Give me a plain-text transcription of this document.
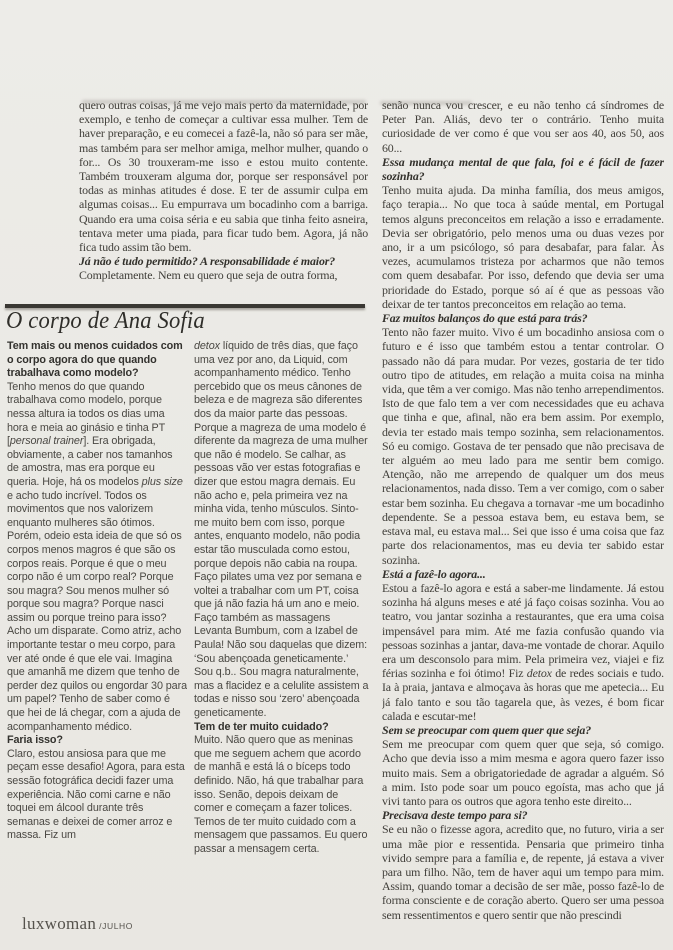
quero outras coisas, já me vejo mais perto da maternidade, por exemplo, e tenho de começar a cultivar essa mulher. Tem de haver preparação, e eu comecei a fazê-la, não só para ser mãe, mas também para ser melhor amiga, melhor mulher, quando o for... Os 30 trouxeram-me isso e estou muito contente. Também trouxeram alguma dor, porque ser responsável por todas as minhas atitudes é dose. E ter de assumir culpa em algumas coisas... Eu empurrava um bocadinho com a barriga. Quando era uma coisa séria e eu sabia que tinha feito asneira, tentava meter uma piada, para ficar tudo bem. Agora, já não fica tudo assim tão bem.

Já não é tudo permitido? A responsabilidade é maior?

Completamente. Nem eu quero que seja de outra forma,

senão nunca vou crescer, e eu não tenho cá síndromes de Peter Pan. Aliás, devo ter o contrário. Tenho muita curiosidade de ver como é que vou ser aos 40, aos 50, aos 60...

Essa mudança mental de que fala, foi e é fácil de fazer sozinha?

Tenho muita ajuda. Da minha família, dos meus amigos, faço terapia... No que toca à saúde mental, em Portugal temos alguns preconceitos em relação a isso e erradamente. Devia ser obrigatório, pelo menos uma ou duas vezes por ano, ir a um psicólogo, só para desabafar, para falar. Às vezes, acumulamos tristeza por acharmos que não temos com quem desabafar. Por isso, defendo que devia ser uma prioridade do Estado, porque só aí é que as pessoas vão deixar de ter tantos preconceitos em relação ao tema.

Faz muitos balanços do que está para trás?

Tento não fazer muito. Vivo é um bocadinho ansiosa com o futuro e é isso que também estou a tentar controlar. O passado não dá para mudar. Por vezes, gostaria de ter tido outro tipo de atitudes, em relação a muita coisa na minha vida, que têm a ver comigo. Mas não tenho arrependimentos. Isto de que falo tem a ver com necessidades que eu achava que tinha e que, afinal, não era bem assim. Por exemplo, devia ter estado mais tempo sozinha, sem relacionamentos. Só eu comigo. Gostava de ter pensado que não precisava de ter alguém ao meu lado para me sentir bem comigo. Atenção, não me arrependo de qualquer um dos meus relacionamentos, nada disso. Tem a ver comigo, com o saber estar bem sozinha. Eu chegava a tornavar -me um bocadinho dependente. Se a pessoa estava bem, eu estava bem, se estava mal, eu estava mal... Sei que isso é uma coisa que faz parte dos relacionamentos, mas eu devia ter sabido estar sozinha.

Está a fazê-lo agora...

Estou a fazê-lo agora e está a saber-me lindamente. Já estou sozinha há alguns meses e até já faço coisas sozinha. Vou ao teatro, vou jantar sozinha a restaurantes, que era uma coisa impensável para mim. Até me fazia confusão quando via pessoas sozinhas a jantar, dava-me vontade de chorar. Aquilo era um desconsolo para mim. Pela primeira vez, viajei e fiz férias sozinha e foi ótimo! Fiz detox de redes sociais e tudo. Ia à praia, jantava e almoçava às horas que me apetecia... Eu já falo tanto e sou tão tagarela que, às vezes, é bom ficar calada e escutar-me!

Sem se preocupar com quem quer que seja?

Sem me preocupar com quem quer que seja, só comigo. Acho que devia isso a mim mesma e agora quero fazer isso muito mais. Sem a obrigatoriedade de agradar a alguém. Só a mim. Isto pode soar um pouco egoísta, mas acho que já vivi tanto para os outros que agora tenho este direito...

Precisava deste tempo para si?

Se eu não o fizesse agora, acredito que, no futuro, viria a ser uma mãe pior e ressentida. Pensaria que primeiro tinha vivido sempre para a família e, de repente, já estava a viver para um filho. Não, tem de haver aqui um tempo para mim. Assim, quando tomar a decisão de ser mãe, posso fazê-lo de forma consciente e de coração aberto. Quero ser uma pessoa sem ressentimentos e quero sentir que não prescindi

O corpo de Ana Sofia

Tem mais ou menos cuidados com o corpo agora do que quando trabalhava como modelo?

Tenho menos do que quando trabalhava como modelo, porque nessa altura ia todos os dias uma hora e meia ao ginásio e tinha PT [personal trainer]. Era obrigada, obviamente, a caber nos tamanhos de amostra, mas era porque eu queria. Hoje, há os modelos plus size e acho tudo incrível. Todos os movimentos que nos valorizem enquanto mulheres são ótimos. Porém, odeio esta ideia de que só os corpos menos magros é que são os corpos reais. Porque é que o meu corpo não é um corpo real? Porque sou magra? Sou menos mulher só porque sou magra? Porque nasci assim ou porque treino para isso? Acho um disparate. Como atriz, acho importante testar o meu corpo, para ver até onde é que ele vai. Imagina que amanhã me dizem que tenho de perder dez quilos ou engordar 30 para um papel? Tenho de saber como é que hei de lá chegar, com a ajuda de acompanhamento médico.

Faria isso?

Claro, estou ansiosa para que me peçam esse desafio! Agora, para esta sessão fotográfica decidi fazer uma experiência. Não comi carne e não toquei em álcool durante três semanas e deixei de comer arroz e massa. Fiz um

detox líquido de três dias, que faço uma vez por ano, da Liquid, com acompanhamento médico. Tenho percebido que os meus cânones de beleza e de magreza são diferentes dos da maior parte das pessoas. Porque a magreza de uma modelo é diferente da magreza de uma mulher que não é modelo. Se calhar, as pessoas vão ver estas fotografias e dizer que estou magra demais. Eu não acho e, pela primeira vez na minha vida, tenho músculos. Sinto-me muito bem com isso, porque antes, enquanto modelo, não podia estar tão musculada como estou, porque depois não cabia na roupa. Faço pilates uma vez por semana e voltei a trabalhar com um PT, coisa que já não fazia há um ano e meio. Faço também as massagens Levanta Bumbum, com a Izabel de Paula! Não sou daquelas que dizem: ‘Sou abençoada geneticamente.’ Sou q.b.. Sou magra naturalmente, mas a flacidez e a celulite assistem a todas e nisso sou ‘zero’ abençoada geneticamente.

Tem de ter muito cuidado?

Muito. Não quero que as meninas que me seguem achem que acordo de manhã e está lá o bíceps todo definido. Não, há que trabalhar para isso. Senão, depois deixam de comer e começam a fazer tolices. Temos de ter muito cuidado com a mensagem que passamos. Eu quero passar a mensagem certa.

luxwoman /JULHO
